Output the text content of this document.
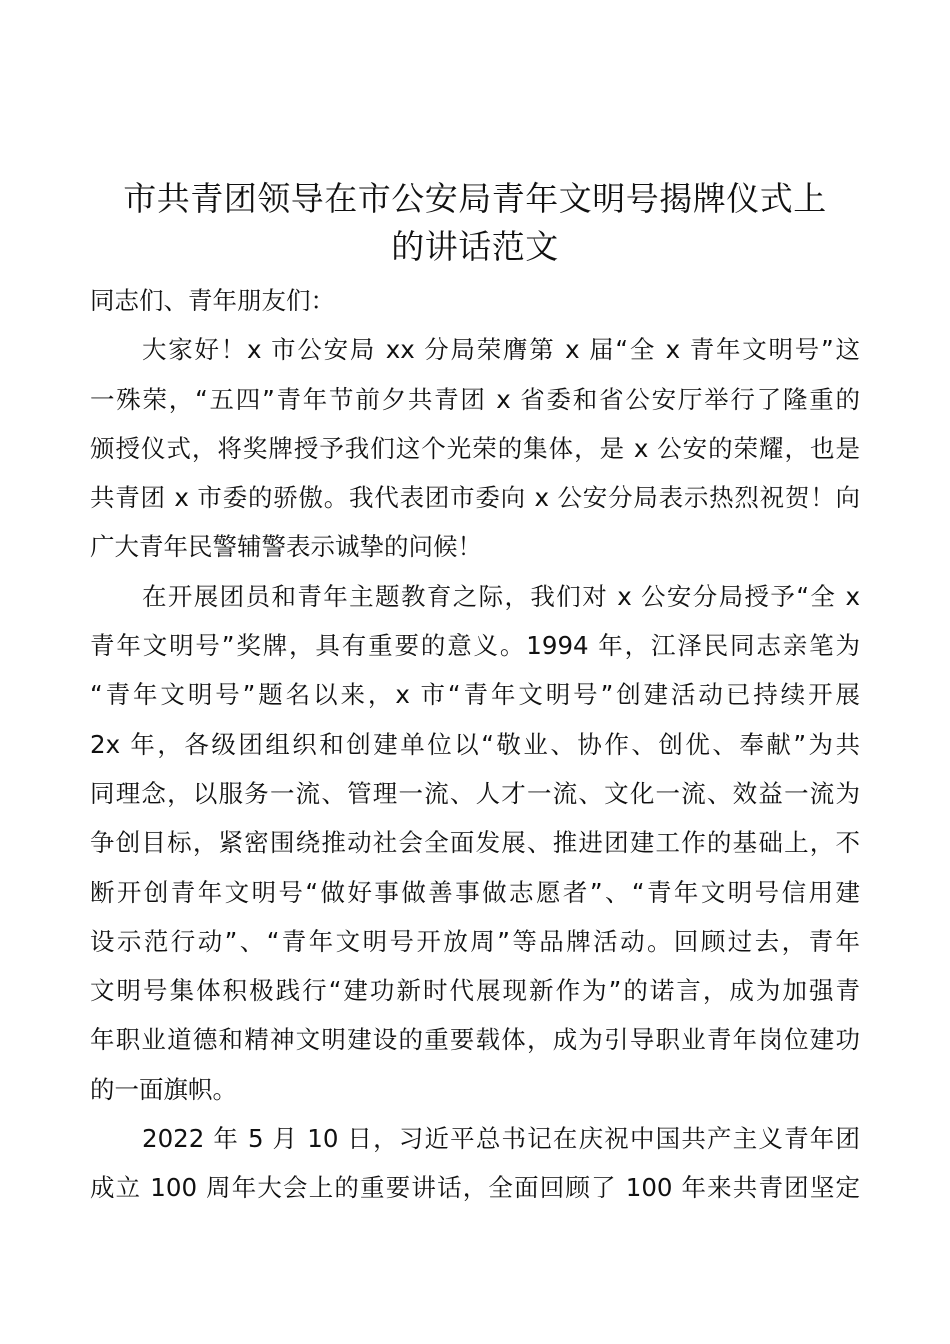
市共青团领导在市公安局青年文明号揭牌仪式上
的讲话范文
同志们、青年朋友们：
大家好！x 市公安局 xx 分局荣膺第 x 届“全 x 青年文明号”这
一殊荣，“五四”青年节前夕共青团 x 省委和省公安厅举行了隆重的
颁授仪式，将奖牌授予我们这个光荣的集体，是 x 公安的荣耀，也是
共青团 x 市委的骄傲。我代表团市委向 x 公安分局表示热烈祝贺！向
广大青年民警辅警表示诚挚的问候！
在开展团员和青年主题教育之际，我们对 x 公安分局授予“全 x
青年文明号”奖牌，具有重要的意义。1994 年，江泽民同志亲笔为
“青年文明号”题名以来，x 市“青年文明号”创建活动已持续开展
2x 年，各级团组织和创建单位以“敬业、协作、创优、奉献”为共
同理念，以服务一流、管理一流、人才一流、文化一流、效益一流为
争创目标，紧密围绕推动社会全面发展、推进团建工作的基础上，不
断开创青年文明号“做好事做善事做志愿者”、“青年文明号信用建
设示范行动”、“青年文明号开放周”等品牌活动。回顾过去，青年
文明号集体积极践行“建功新时代展现新作为”的诺言，成为加强青
年职业道德和精神文明建设的重要载体，成为引导职业青年岗位建功
的一面旗帜。
2022 年 5 月 10 日，习近平总书记在庆祝中国共产主义青年团
成立 100 周年大会上的重要讲话，全面回顾了 100 年来共青团坚定
